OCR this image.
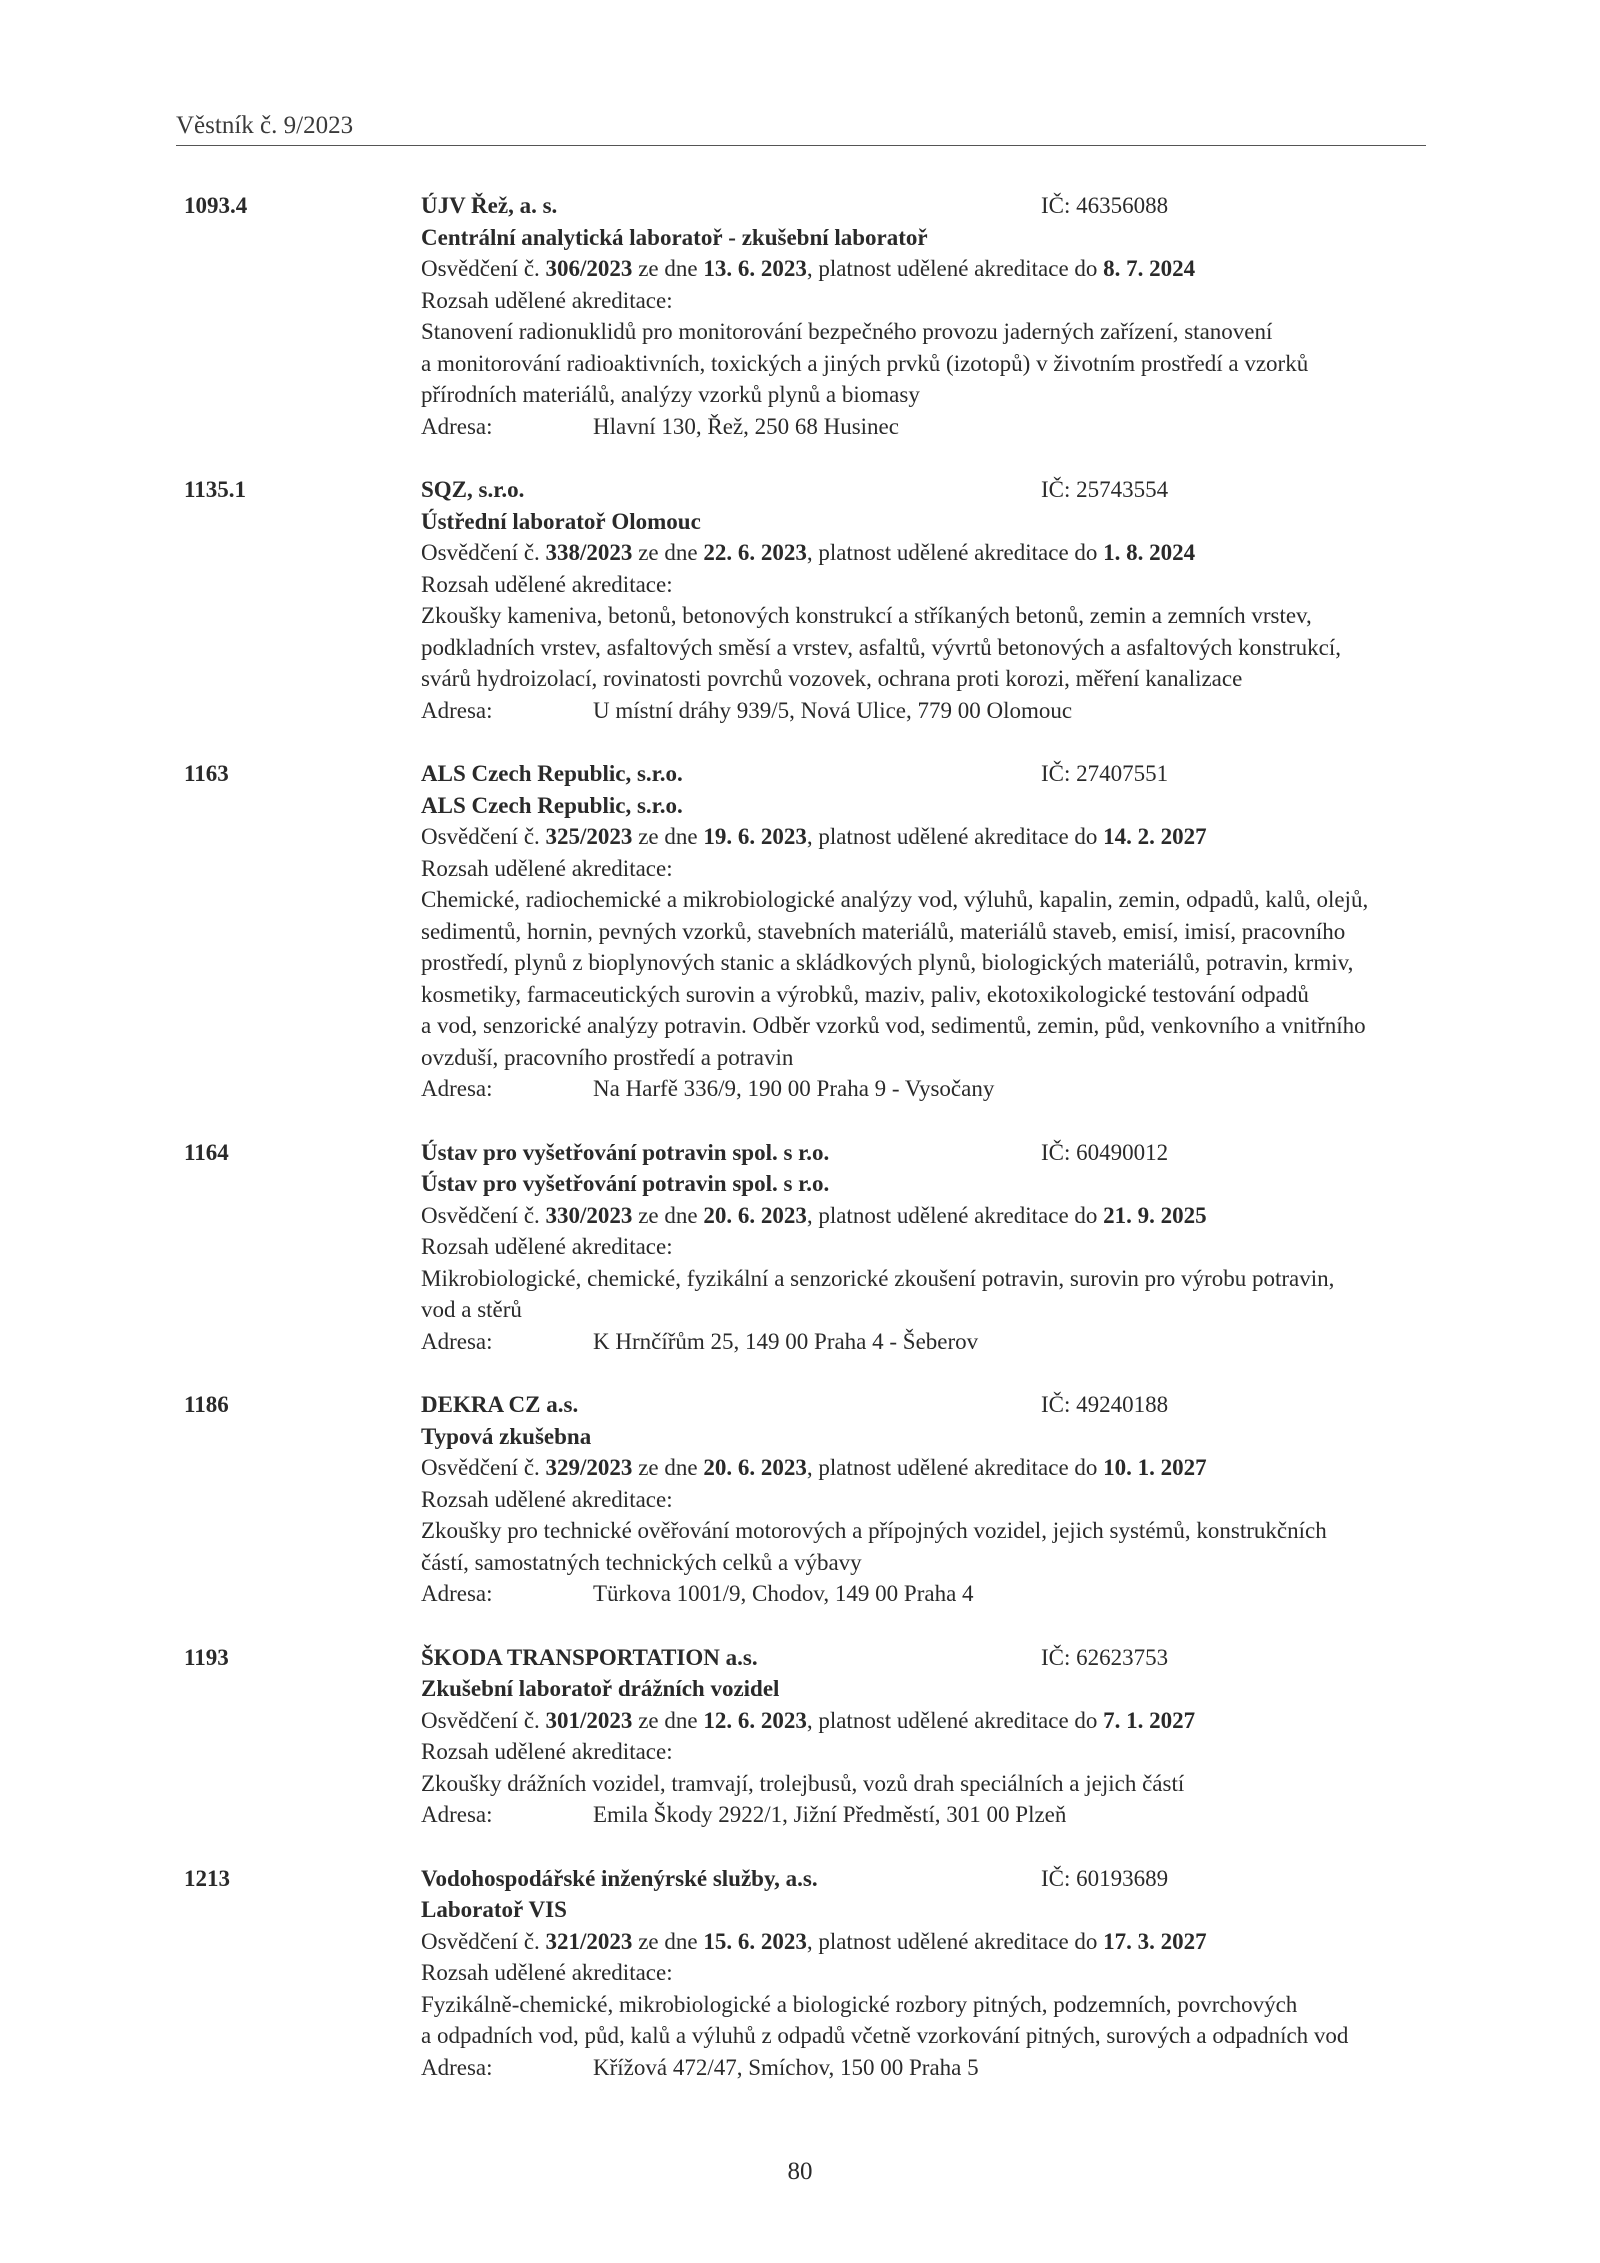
Věstník č. 9/2023
1093.4	ÚJV Řež, a. s.	IČ: 46356088
Centrální analytická laboratoř - zkušební laboratoř
Osvědčení č. 306/2023 ze dne 13. 6. 2023, platnost udělené akreditace do 8. 7. 2024
Rozsah udělené akreditace:
Stanovení radionuklidů pro monitorování bezpečného provozu jaderných zařízení, stanovení
a monitorování radioaktivních, toxických a jiných prvků (izotopů) v životním prostředí a vzorků
přírodních materiálů, analýzy vzorků plynů a biomasy
Adresa:	Hlavní 130, Řež, 250 68 Husinec
1135.1	SQZ, s.r.o.	IČ: 25743554
Ústřední laboratoř Olomouc
Osvědčení č. 338/2023 ze dne 22. 6. 2023, platnost udělené akreditace do 1. 8. 2024
Rozsah udělené akreditace:
Zkoušky kameniva, betonů, betonových konstrukcí a stříkaných betonů, zemin a zemních vrstev,
podkladních vrstev, asfaltových směsí a vrstev, asfaltů, vývrtů betonových a asfaltových konstrukcí,
svárů hydroizolací, rovinatosti povrchů vozovek, ochrana proti korozi, měření kanalizace
Adresa:	U místní dráhy 939/5, Nová Ulice, 779 00 Olomouc
1163	ALS Czech Republic, s.r.o.	IČ: 27407551
ALS Czech Republic, s.r.o.
Osvědčení č. 325/2023 ze dne 19. 6. 2023, platnost udělené akreditace do 14. 2. 2027
Rozsah udělené akreditace:
Chemické, radiochemické a mikrobiologické analýzy vod, výluhů, kapalin, zemin, odpadů, kalů, olejů,
sedimentů, hornin, pevných vzorků, stavebních materiálů, materiálů staveb, emisí, imisí, pracovního
prostředí, plynů z bioplynových stanic a skládkových plynů, biologických materiálů, potravin, krmiv,
kosmetiky, farmaceutických surovin a výrobků, maziv, paliv, ekotoxikologické testování odpadů
a vod, senzorické analýzy potravin. Odběr vzorků vod, sedimentů, zemin, půd, venkovního a vnitřního
ovzduší, pracovního prostředí a potravin
Adresa:	Na Harfě 336/9, 190 00 Praha 9 - Vysočany
1164	Ústav pro vyšetřování potravin spol. s r.o.	IČ: 60490012
Ústav pro vyšetřování potravin spol. s r.o.
Osvědčení č. 330/2023 ze dne 20. 6. 2023, platnost udělené akreditace do 21. 9. 2025
Rozsah udělené akreditace:
Mikrobiologické, chemické, fyzikální a senzorické zkoušení potravin, surovin pro výrobu potravin,
vod a stěrů
Adresa:	K Hrnčířům 25, 149 00 Praha 4 - Šeberov
1186	DEKRA CZ a.s.	IČ: 49240188
Typová zkušebna
Osvědčení č. 329/2023 ze dne 20. 6. 2023, platnost udělené akreditace do 10. 1. 2027
Rozsah udělené akreditace:
Zkoušky pro technické ověřování motorových a přípojných vozidel, jejich systémů, konstrukčních
částí, samostatných technických celků a výbavy
Adresa:	Türkova 1001/9, Chodov, 149 00 Praha 4
1193	ŠKODA TRANSPORTATION a.s.	IČ: 62623753
Zkušební laboratoř drážních vozidel
Osvědčení č. 301/2023 ze dne 12. 6. 2023, platnost udělené akreditace do 7. 1. 2027
Rozsah udělené akreditace:
Zkoušky drážních vozidel, tramvají, trolejbusů, vozů drah speciálních a jejich částí
Adresa:	Emila Škody 2922/1, Jižní Předměstí, 301 00 Plzeň
1213	Vodohospodářské inženýrské služby, a.s.	IČ: 60193689
Laboratoř VIS
Osvědčení č. 321/2023 ze dne 15. 6. 2023, platnost udělené akreditace do 17. 3. 2027
Rozsah udělené akreditace:
Fyzikálně-chemické, mikrobiologické a biologické rozbory pitných, podzemních, povrchových
a odpadních vod, půd, kalů a výluhů z odpadů včetně vzorkování pitných, surových a odpadních vod
Adresa:	Křížová 472/47, Smíchov, 150 00 Praha 5
80
